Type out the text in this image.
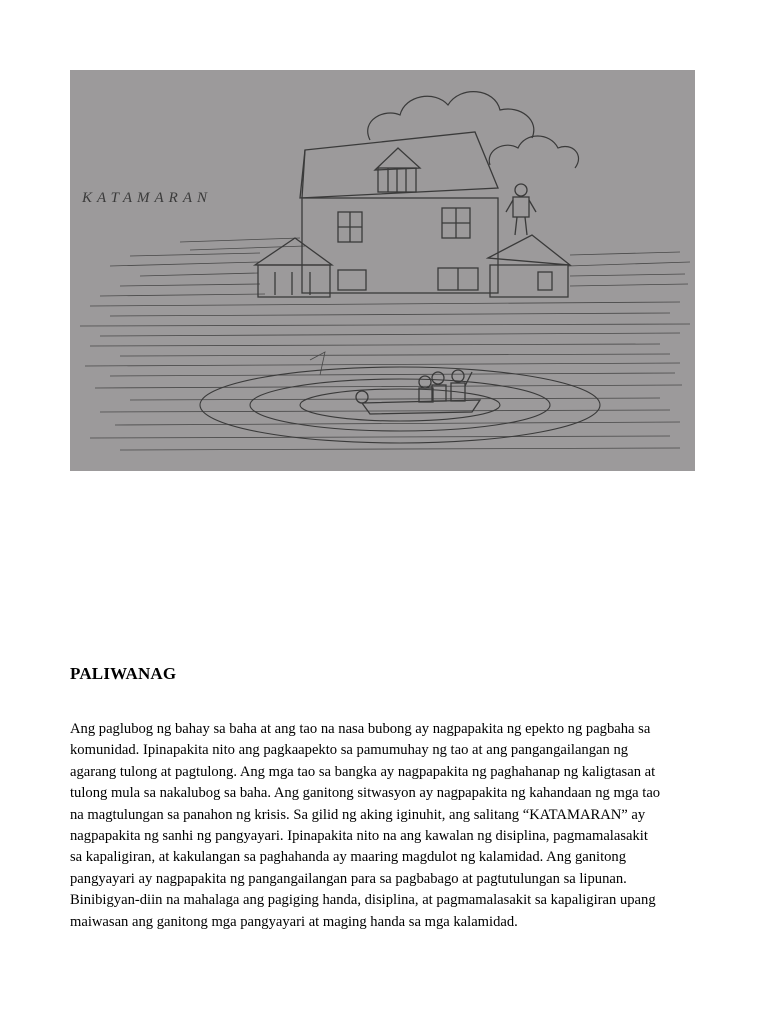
KATAMARAN
PALIWANAG
Ang paglubog ng bahay sa baha at ang tao na nasa bubong ay nagpapakita ng epekto ng pagbaha sa
komunidad. Ipinapakita nito ang pagkaapekto sa pamumuhay ng tao at ang pangangailangan ng
agarang tulong at pagtulong. Ang mga tao sa bangka ay nagpapakita ng paghahanap ng kaligtasan at
tulong mula sa nakalubog sa baha. Ang ganitong sitwasyon ay nagpapakita ng kahandaan ng mga tao
na magtulungan sa panahon ng krisis. Sa gilid ng aking iginuhit, ang salitang “KATAMARAN” ay
nagpapakita ng sanhi ng pangyayari. Ipinapakita nito na ang kawalan ng disiplina, pagmamalasakit
sa kapaligiran, at kakulangan sa paghahanda ay maaring magdulot ng kalamidad. Ang ganitong
pangyayari ay nagpapakita ng pangangailangan para sa pagbabago at pagtutulungan sa lipunan.
Binibigyan-diin na mahalaga ang pagiging handa, disiplina, at pagmamalasakit sa kapaligiran upang
maiwasan ang ganitong mga pangyayari at maging handa sa mga kalamidad.
